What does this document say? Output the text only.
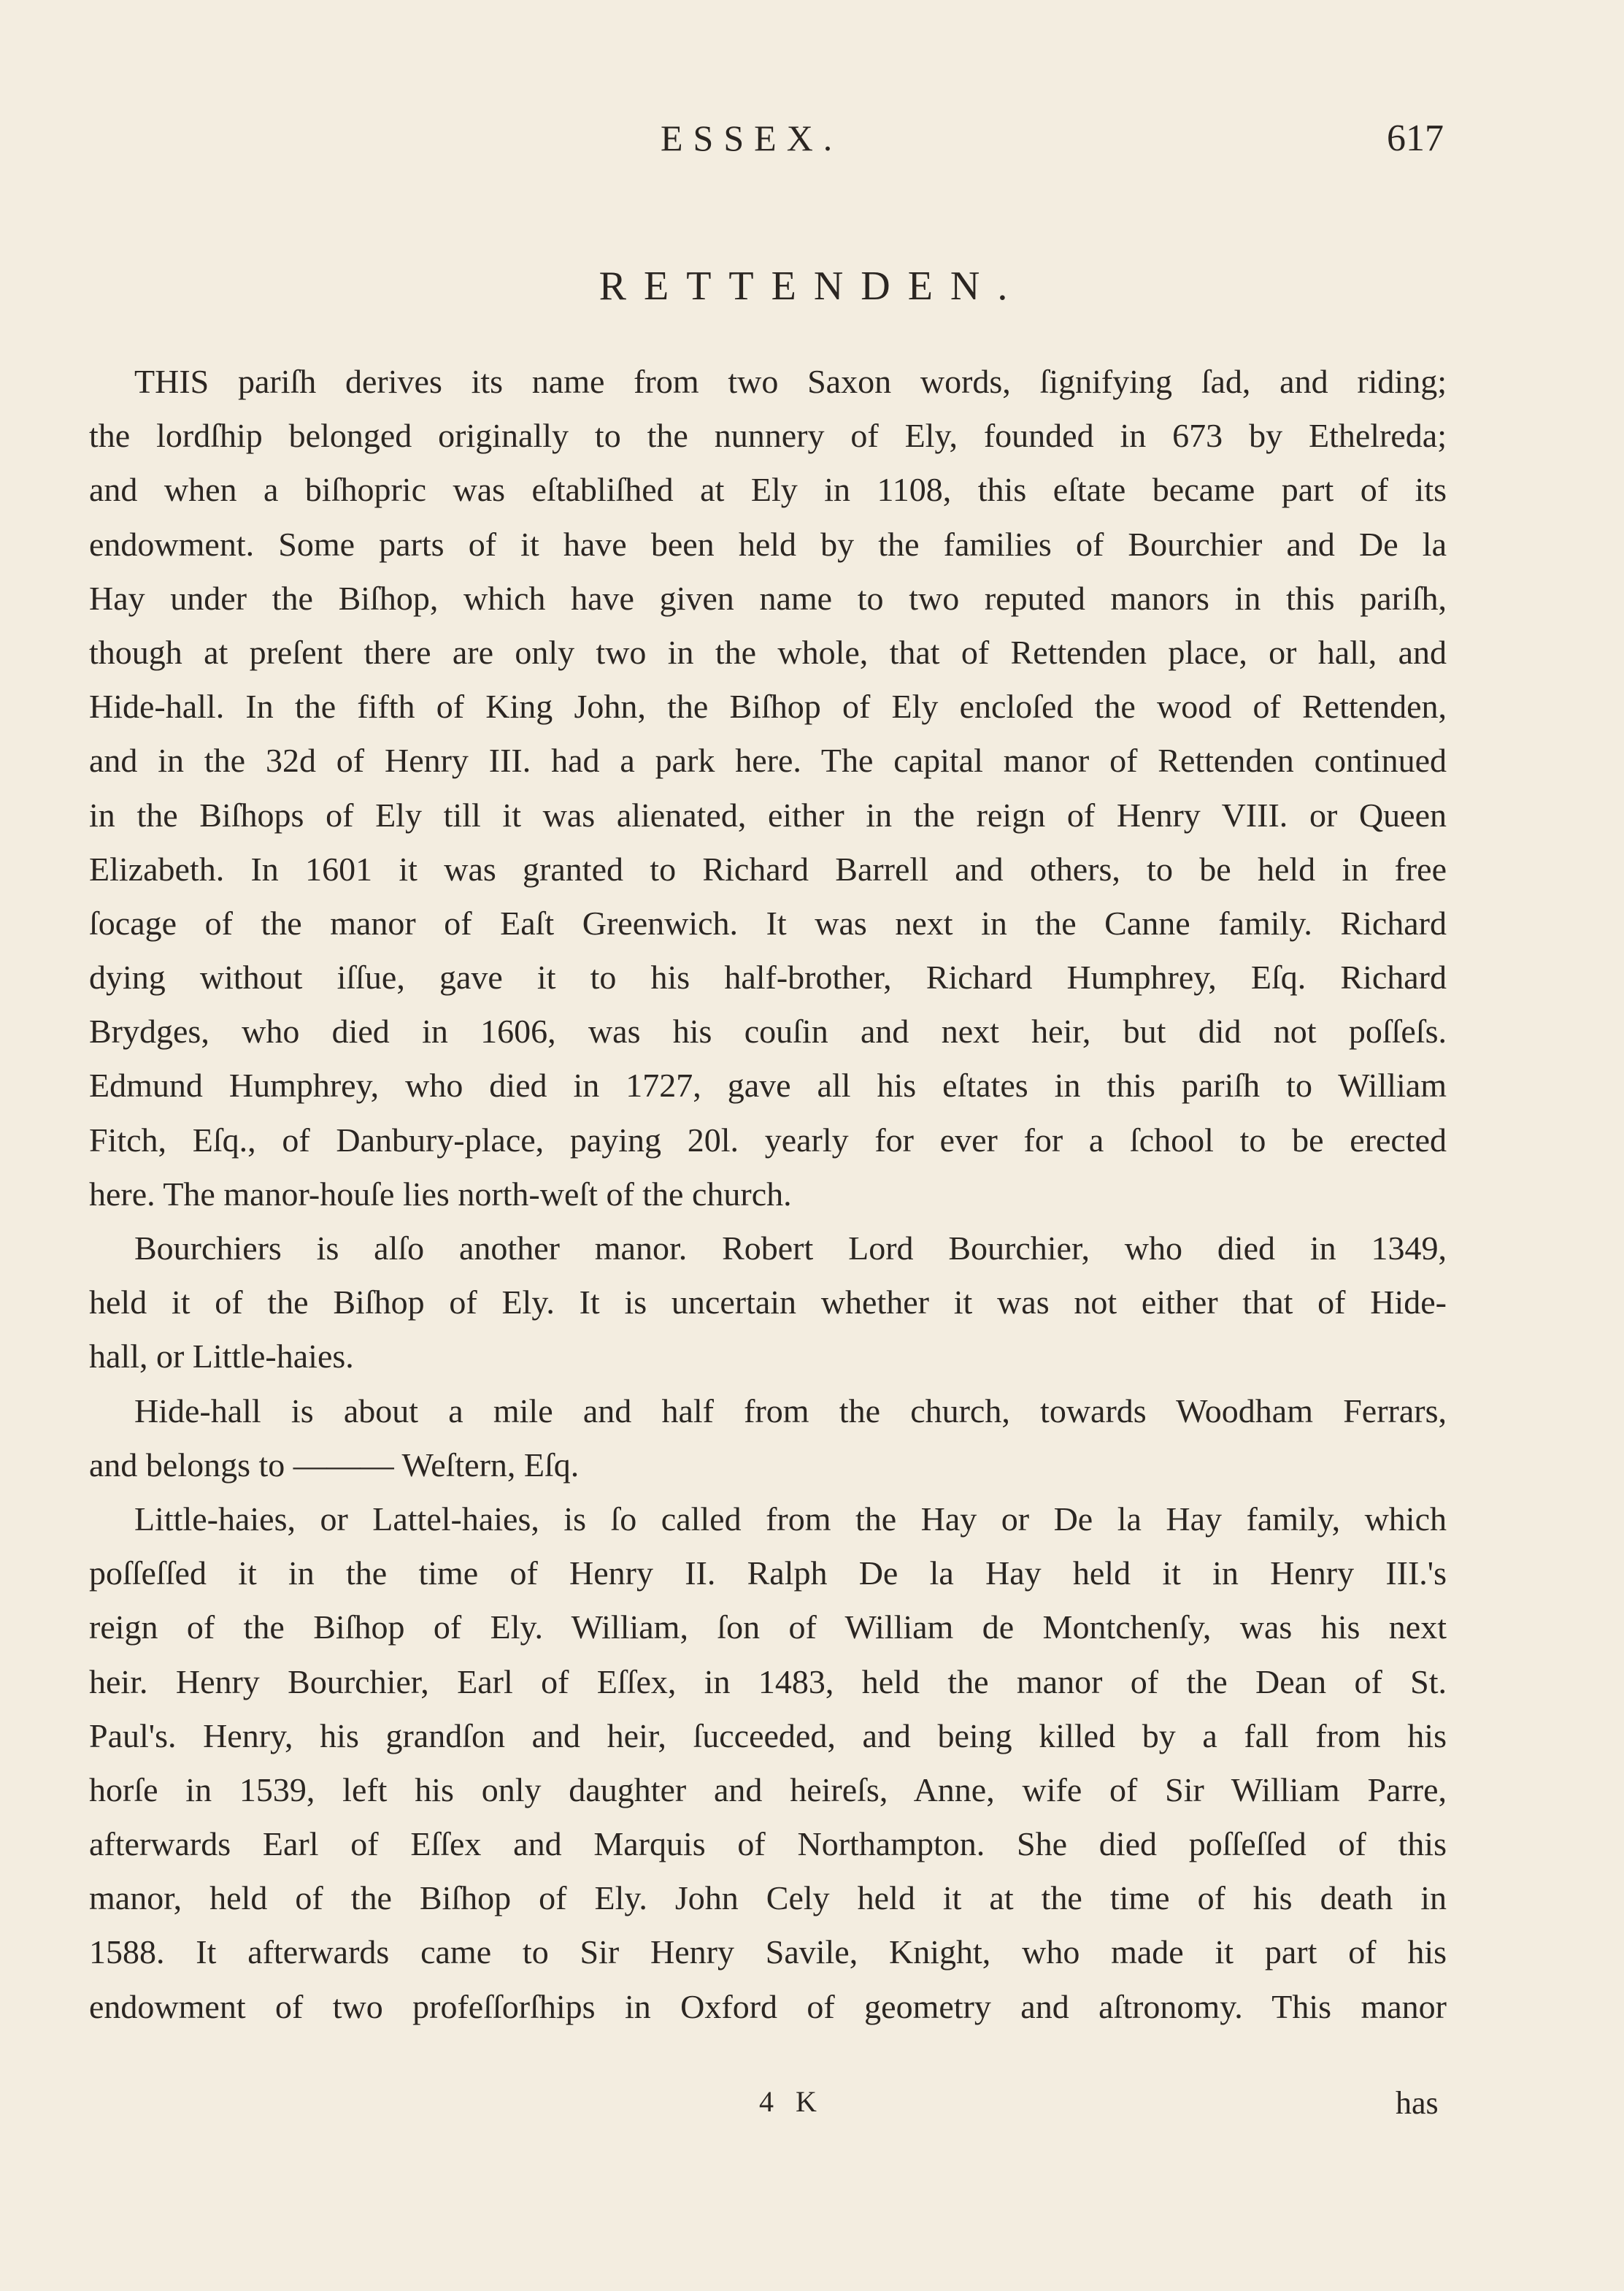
ESSEX.	617
RETTENDEN.
THIS pariſh derives its name from two Saxon words, ſignifying ſad, and riding;
the lordſhip belonged originally to the nunnery of Ely, founded in 673 by Ethelreda;
and when a biſhopric was eſtabliſhed at Ely in 1108, this eſtate became part of its
endowment. Some parts of it have been held by the families of Bourchier and De la
Hay under the Biſhop, which have given name to two reputed manors in this pariſh,
though at preſent there are only two in the whole, that of Rettenden place, or hall, and
Hide-hall. In the fifth of King John, the Biſhop of Ely encloſed the wood of Rettenden,
and in the 32d of Henry III. had a park here. The capital manor of Rettenden continued
in the Biſhops of Ely till it was alienated, either in the reign of Henry VIII. or Queen
Elizabeth. In 1601 it was granted to Richard Barrell and others, to be held in free
ſocage of the manor of Eaſt Greenwich. It was next in the Canne family. Richard
dying without iſſue, gave it to his half-brother, Richard Humphrey, Eſq. Richard
Brydges, who died in 1606, was his couſin and next heir, but did not poſſeſs.
Edmund Humphrey, who died in 1727, gave all his eſtates in this pariſh to William
Fitch, Eſq., of Danbury-place, paying 20l. yearly for ever for a ſchool to be erected
here. The manor-houſe lies north-weſt of the church.
Bourchiers is alſo another manor. Robert Lord Bourchier, who died in 1349,
held it of the Biſhop of Ely. It is uncertain whether it was not either that of Hide-
hall, or Little-haies.
Hide-hall is about a mile and half from the church, towards Woodham Ferrars,
and belongs to ——— Weſtern, Eſq.
Little-haies, or Lattel-haies, is ſo called from the Hay or De la Hay family, which
poſſeſſed it in the time of Henry II. Ralph De la Hay held it in Henry III.'s
reign of the Biſhop of Ely. William, ſon of William de Montchenſy, was his next
heir. Henry Bourchier, Earl of Eſſex, in 1483, held the manor of the Dean of St.
Paul's. Henry, his grandſon and heir, ſucceeded, and being killed by a fall from his
horſe in 1539, left his only daughter and heireſs, Anne, wife of Sir William Parre,
afterwards Earl of Eſſex and Marquis of Northampton. She died poſſeſſed of this
manor, held of the Biſhop of Ely. John Cely held it at the time of his death in
1588. It afterwards came to Sir Henry Savile, Knight, who made it part of his
endowment of two profeſſorſhips in Oxford of geometry and aſtronomy. This manor
4 K	has
